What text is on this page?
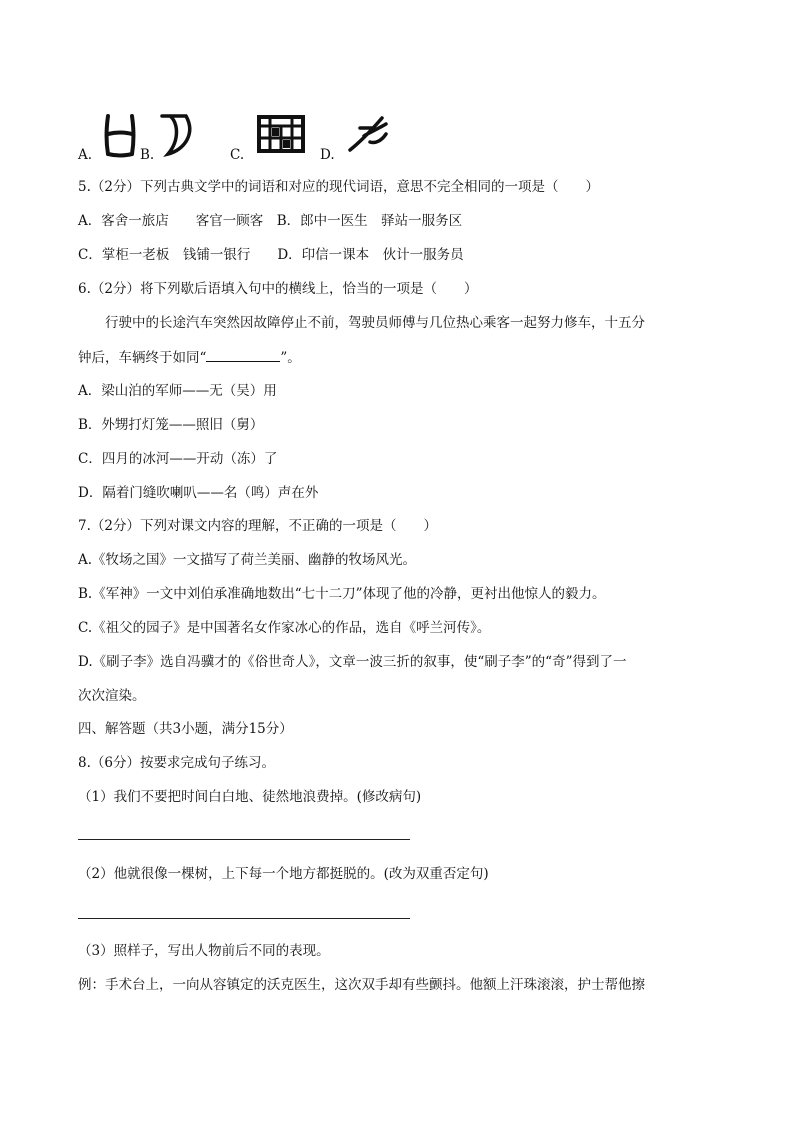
A.	B.	C.	D.
5.（2分）下列古典文学中的词语和对应的现代词语，意思不完全相同的一项是（　　）
A．客舍一旅店　　客官一顾客　B．郎中一医生　驿站一服务区
C．掌柜一老板　钱铺一银行　　D．印信一课本　伙计一服务员
6.（2分）将下列歇后语填入句中的横线上，恰当的一项是（　　）
行驶中的长途汽车突然因故障停止不前，驾驶员师傅与几位热心乘客一起努力修车，十五分
钟后，车辆终于如同“	”。
A．梁山泊的军师——无（吴）用
B．外甥打灯笼——照旧（舅）
C．四月的冰河——开动（冻）了
D．隔着门缝吹喇叭——名（鸣）声在外
7.（2分）下列对课文内容的理解，不正确的一项是（　　）
A.《牧场之国》一文描写了荷兰美丽、幽静的牧场风光。
B.《军神》一文中刘伯承准确地数出“七十二刀”体现了他的冷静，更衬出他惊人的毅力。
C.《祖父的园子》是中国著名女作家冰心的作品，选自《呼兰河传》。
D.《刷子李》选自冯骥才的《俗世奇人》，文章一波三折的叙事，使“刷子李”的“奇”得到了一
次次渲染。
四、解答题（共3小题，满分15分）
8.（6分）按要求完成句子练习。
（1）我们不要把时间白白地、徒然地浪费掉。(修改病句)
（2）他就很像一棵树，上下每一个地方都挺脱的。(改为双重否定句)
（3）照样子，写出人物前后不同的表现。
例：手术台上，一向从容镇定的沃克医生，这次双手却有些颤抖。他额上汗珠滚滚，护士帮他擦
